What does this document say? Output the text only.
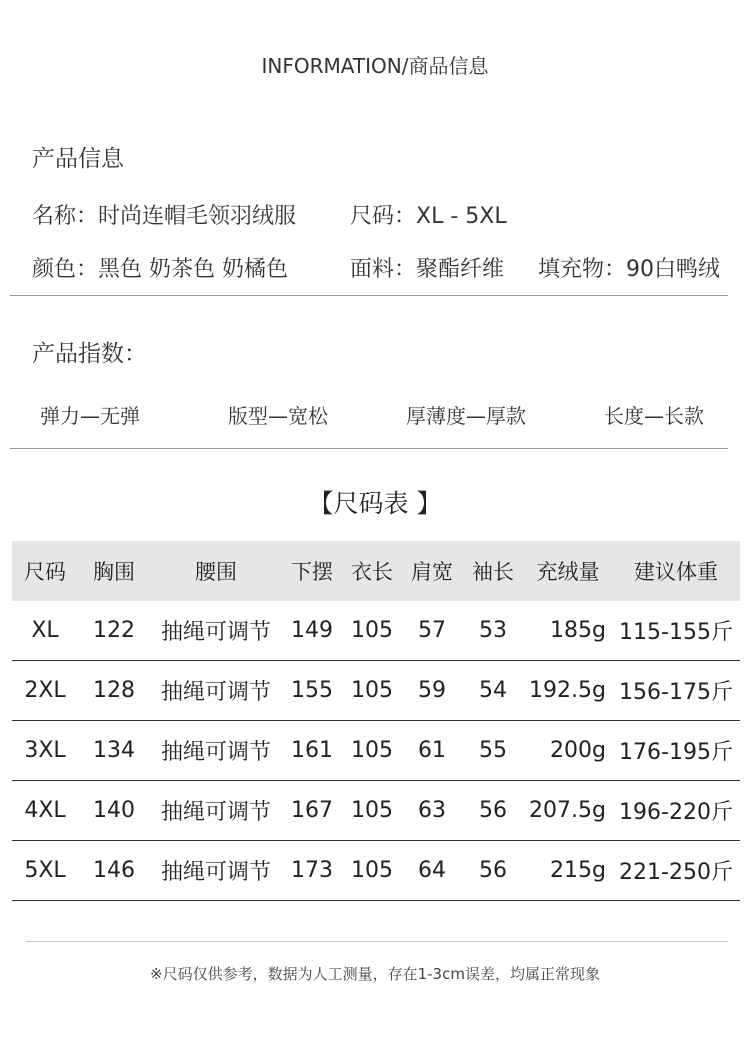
INFORMATION/商品信息
产品信息
名称：时尚连帽毛领羽绒服 尺码：XL - 5XL
颜色：黑色 奶茶色 奶橘色	面料：聚酯纤维 填充物：90白鸭绒
产品指数：
弹力—无弹	版型—宽松	厚薄度—厚款	长度—长款
【尺码表 】
尺码	胸围	腰围	下摆	衣长	肩宽	袖长	充绒量	建议体重
XL	122	抽绳可调节	149	105	57	53	185g	115-155斤
2XL	128	抽绳可调节	155	105	59	54	192.5g	156-175斤
3XL	134	抽绳可调节	161	105	61	55	200g	176-195斤
4XL	140	抽绳可调节	167	105	63	56	207.5g	196-220斤
5XL	146	抽绳可调节	173	105	64	56	215g	221-250斤
※尺码仅供参考，数据为人工测量，存在1-3cm误差，均属正常现象
